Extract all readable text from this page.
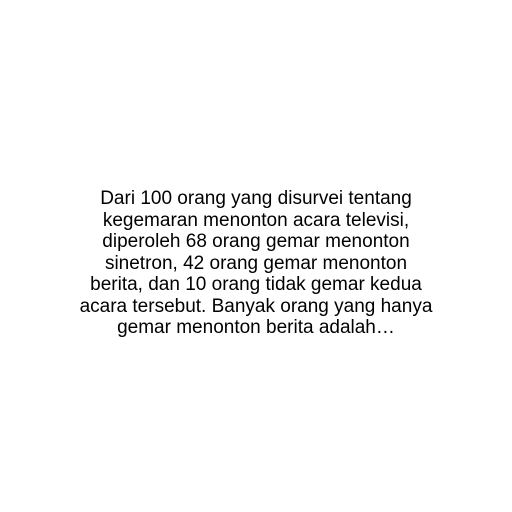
Dari 100 orang yang disurvei tentang
kegemaran menonton acara televisi,
diperoleh 68 orang gemar menonton
sinetron, 42 orang gemar menonton
berita, dan 10 orang tidak gemar kedua
acara tersebut. Banyak orang yang hanya
gemar menonton berita adalah…
